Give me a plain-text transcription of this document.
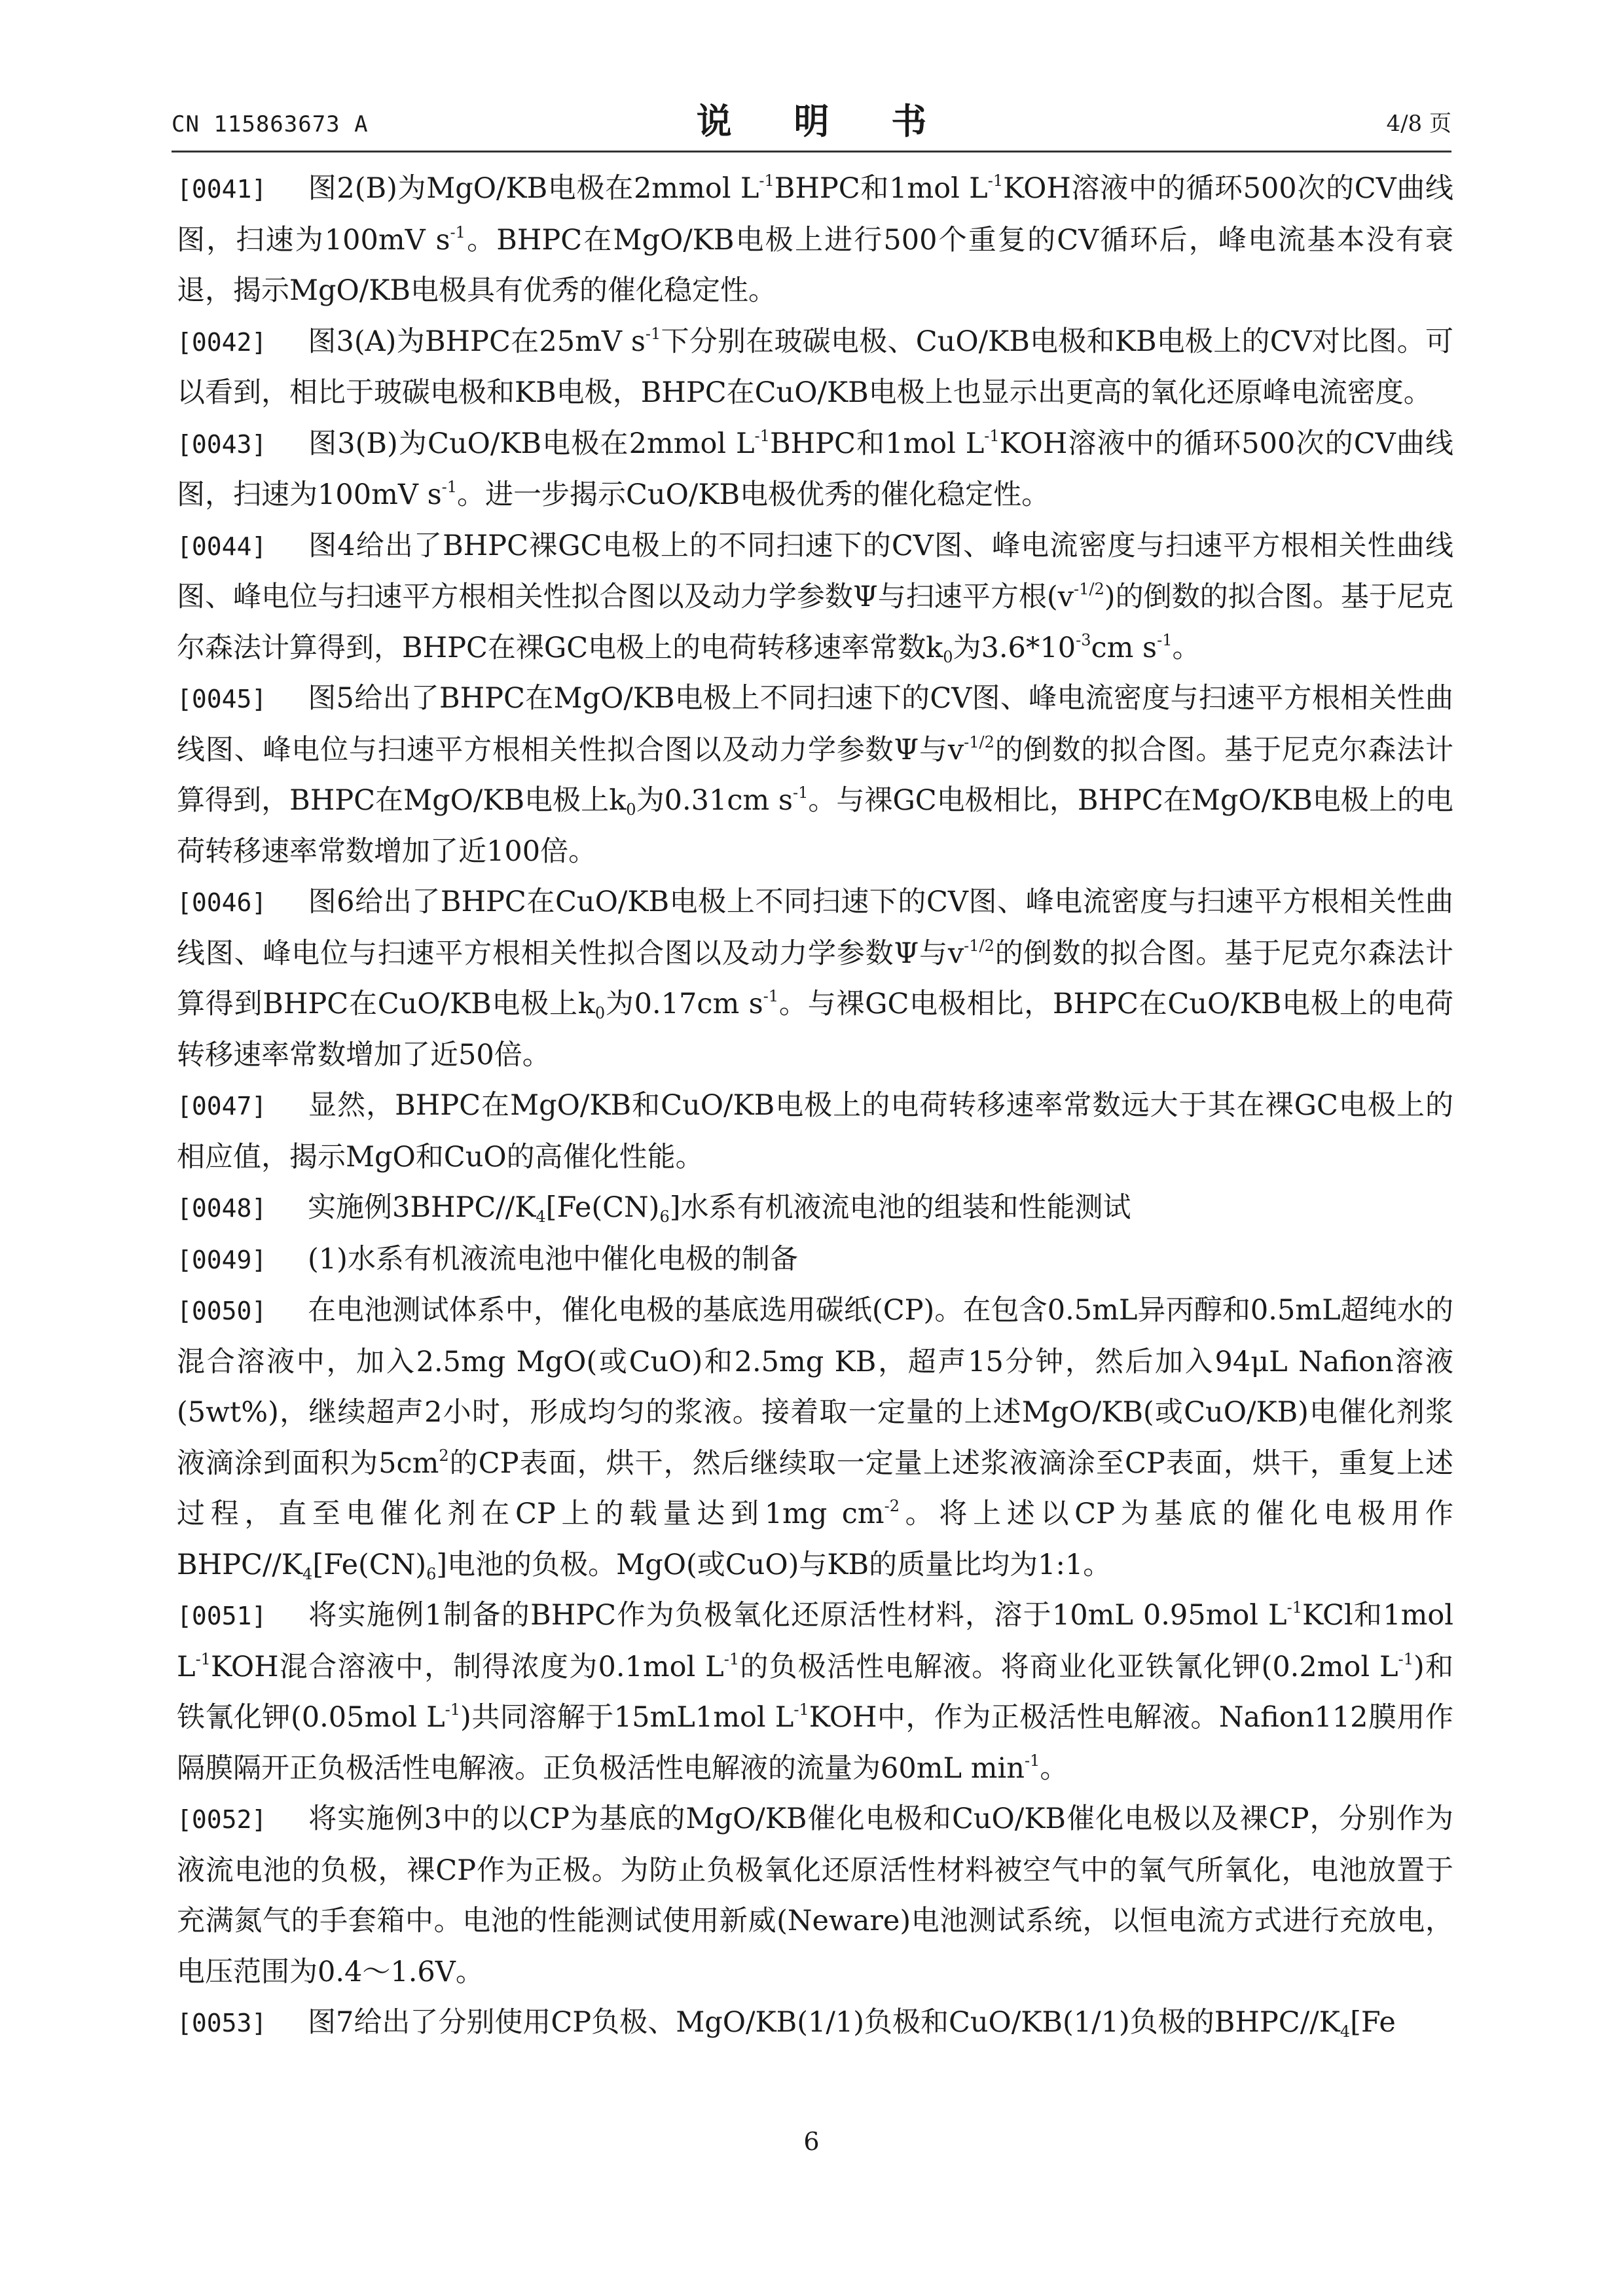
CN 115863673 A	说 明 书	4/8 页
[0041] 图2(B)为MgO/KB电极在2mmol $L^{-1}BHPC$和1mol $L^{-1}KOH$溶液中的循环500次的CV曲线图，扫速为100mV $s^{-1}$。BHPC在MgO/KB电极上进行500个重复的CV循环后，峰电流基本没有衰退，揭示MgO/KB电极具有优秀的催化稳定性。
[0042] 图3(A)为BHPC在25mV $s^{-1}$下分别在玻碳电极、CuO/KB电极和KB电极上的CV对比图。可以看到，相比于玻碳电极和KB电极，BHPC在CuO/KB电极上也显示出更高的氧化还原峰电流密度。
[0043] 图3(B)为CuO/KB电极在2mmol $L^{-1}BHPC$和1mol $L^{-1}KOH$溶液中的循环500次的CV曲线图，扫速为100mV $s^{-1}$。进一步揭示CuO/KB电极优秀的催化稳定性。
[0044] 图4给出了BHPC裸GC电极上的不同扫速下的CV图、峰电流密度与扫速平方根相关性曲线图、峰电位与扫速平方根相关性拟合图以及动力学参数Ψ与扫速平方根$(v^{-1/2})$的倒数的拟合图。基于尼克尔森法计算得到，BHPC在裸GC电极上的电荷转移速率常数$k_0$为$3.6*10^{-3}cm$ $s^{-1}$。
[0045] 图5给出了BHPC在MgO/KB电极上不同扫速下的CV图、峰电流密度与扫速平方根相关性曲线图、峰电位与扫速平方根相关性拟合图以及动力学参数Ψ与$v^{-1/2}$的倒数的拟合图。基于尼克尔森法计算得到，BHPC在MgO/KB电极上$k_0$为0.31cm $s^{-1}$。与裸GC电极相比，BHPC在MgO/KB电极上的电荷转移速率常数增加了近100倍。
[0046] 图6给出了BHPC在CuO/KB电极上不同扫速下的CV图、峰电流密度与扫速平方根相关性曲线图、峰电位与扫速平方根相关性拟合图以及动力学参数Ψ与$v^{-1/2}$的倒数的拟合图。基于尼克尔森法计算得到BHPC在CuO/KB电极上$k_0$为0.17cm $s^{-1}$。与裸GC电极相比，BHPC在CuO/KB电极上的电荷转移速率常数增加了近50倍。
[0047] 显然，BHPC在MgO/KB和CuO/KB电极上的电荷转移速率常数远大于其在裸GC电极上的相应值，揭示MgO和CuO的高催化性能。
[0048] 实施例$3BHPC//K_4[Fe(CN)_6]$水系有机液流电池的组装和性能测试
[0049] (1)水系有机液流电池中催化电极的制备
[0050] 在电池测试体系中，催化电极的基底选用碳纸(CP)。在包含0.5mL异丙醇和0.5mL超纯水的混合溶液中，加入2.5mg MgO(或CuO)和2.5mg KB，超声15分钟，然后加入94μL Nafion溶液(5wt%)，继续超声2小时，形成均匀的浆液。接着取一定量的上述MgO/KB(或CuO/KB)电催化剂浆液滴涂到面积为$5cm^2$的CP表面，烘干，然后继续取一定量上述浆液滴涂至CP表面，烘干，重复上述过程，直至电催化剂在CP上的载量达到1mg $cm^{-2}$。将上述以CP为基底的催化电极用作BHPC/$/K_4[Fe(CN)_6]$电池的负极。MgO(或CuO)与KB的质量比均为1:1。
[0051] 将实施例1制备的BHPC作为负极氧化还原活性材料，溶于10mL 0.95mol $L^{-1}KCl$和1mol $L^{-1}KOH$混合溶液中，制得浓度为0.1mol $L^{-1}$的负极活性电解液。将商业化亚铁氰化钾(0.2mol $L^{-1}$)和铁氰化钾(0.05mol $L^{-1}$)共同溶解于15mL1mol $L^{-1}KOH$中，作为正极活性电解液。Nafion112膜用作隔膜隔开正负极活性电解液。正负极活性电解液的流量为60mL $\min^{-1}$。
[0052] 将实施例3中的以CP为基底的MgO/KB催化电极和CuO/KB催化电极以及裸CP，分别作为液流电池的负极，裸CP作为正极。为防止负极氧化还原活性材料被空气中的氧气所氧化，电池放置于充满氮气的手套箱中。电池的性能测试使用新威(Neware)电池测试系统，以恒电流方式进行充放电，电压范围为0.4～1.6V。
[0053] 图7给出了分别使用CP负极、MgO/KB(1/1)负极和CuO/KB(1/1)负极的BHPC/$/K_4[Fe$
6
